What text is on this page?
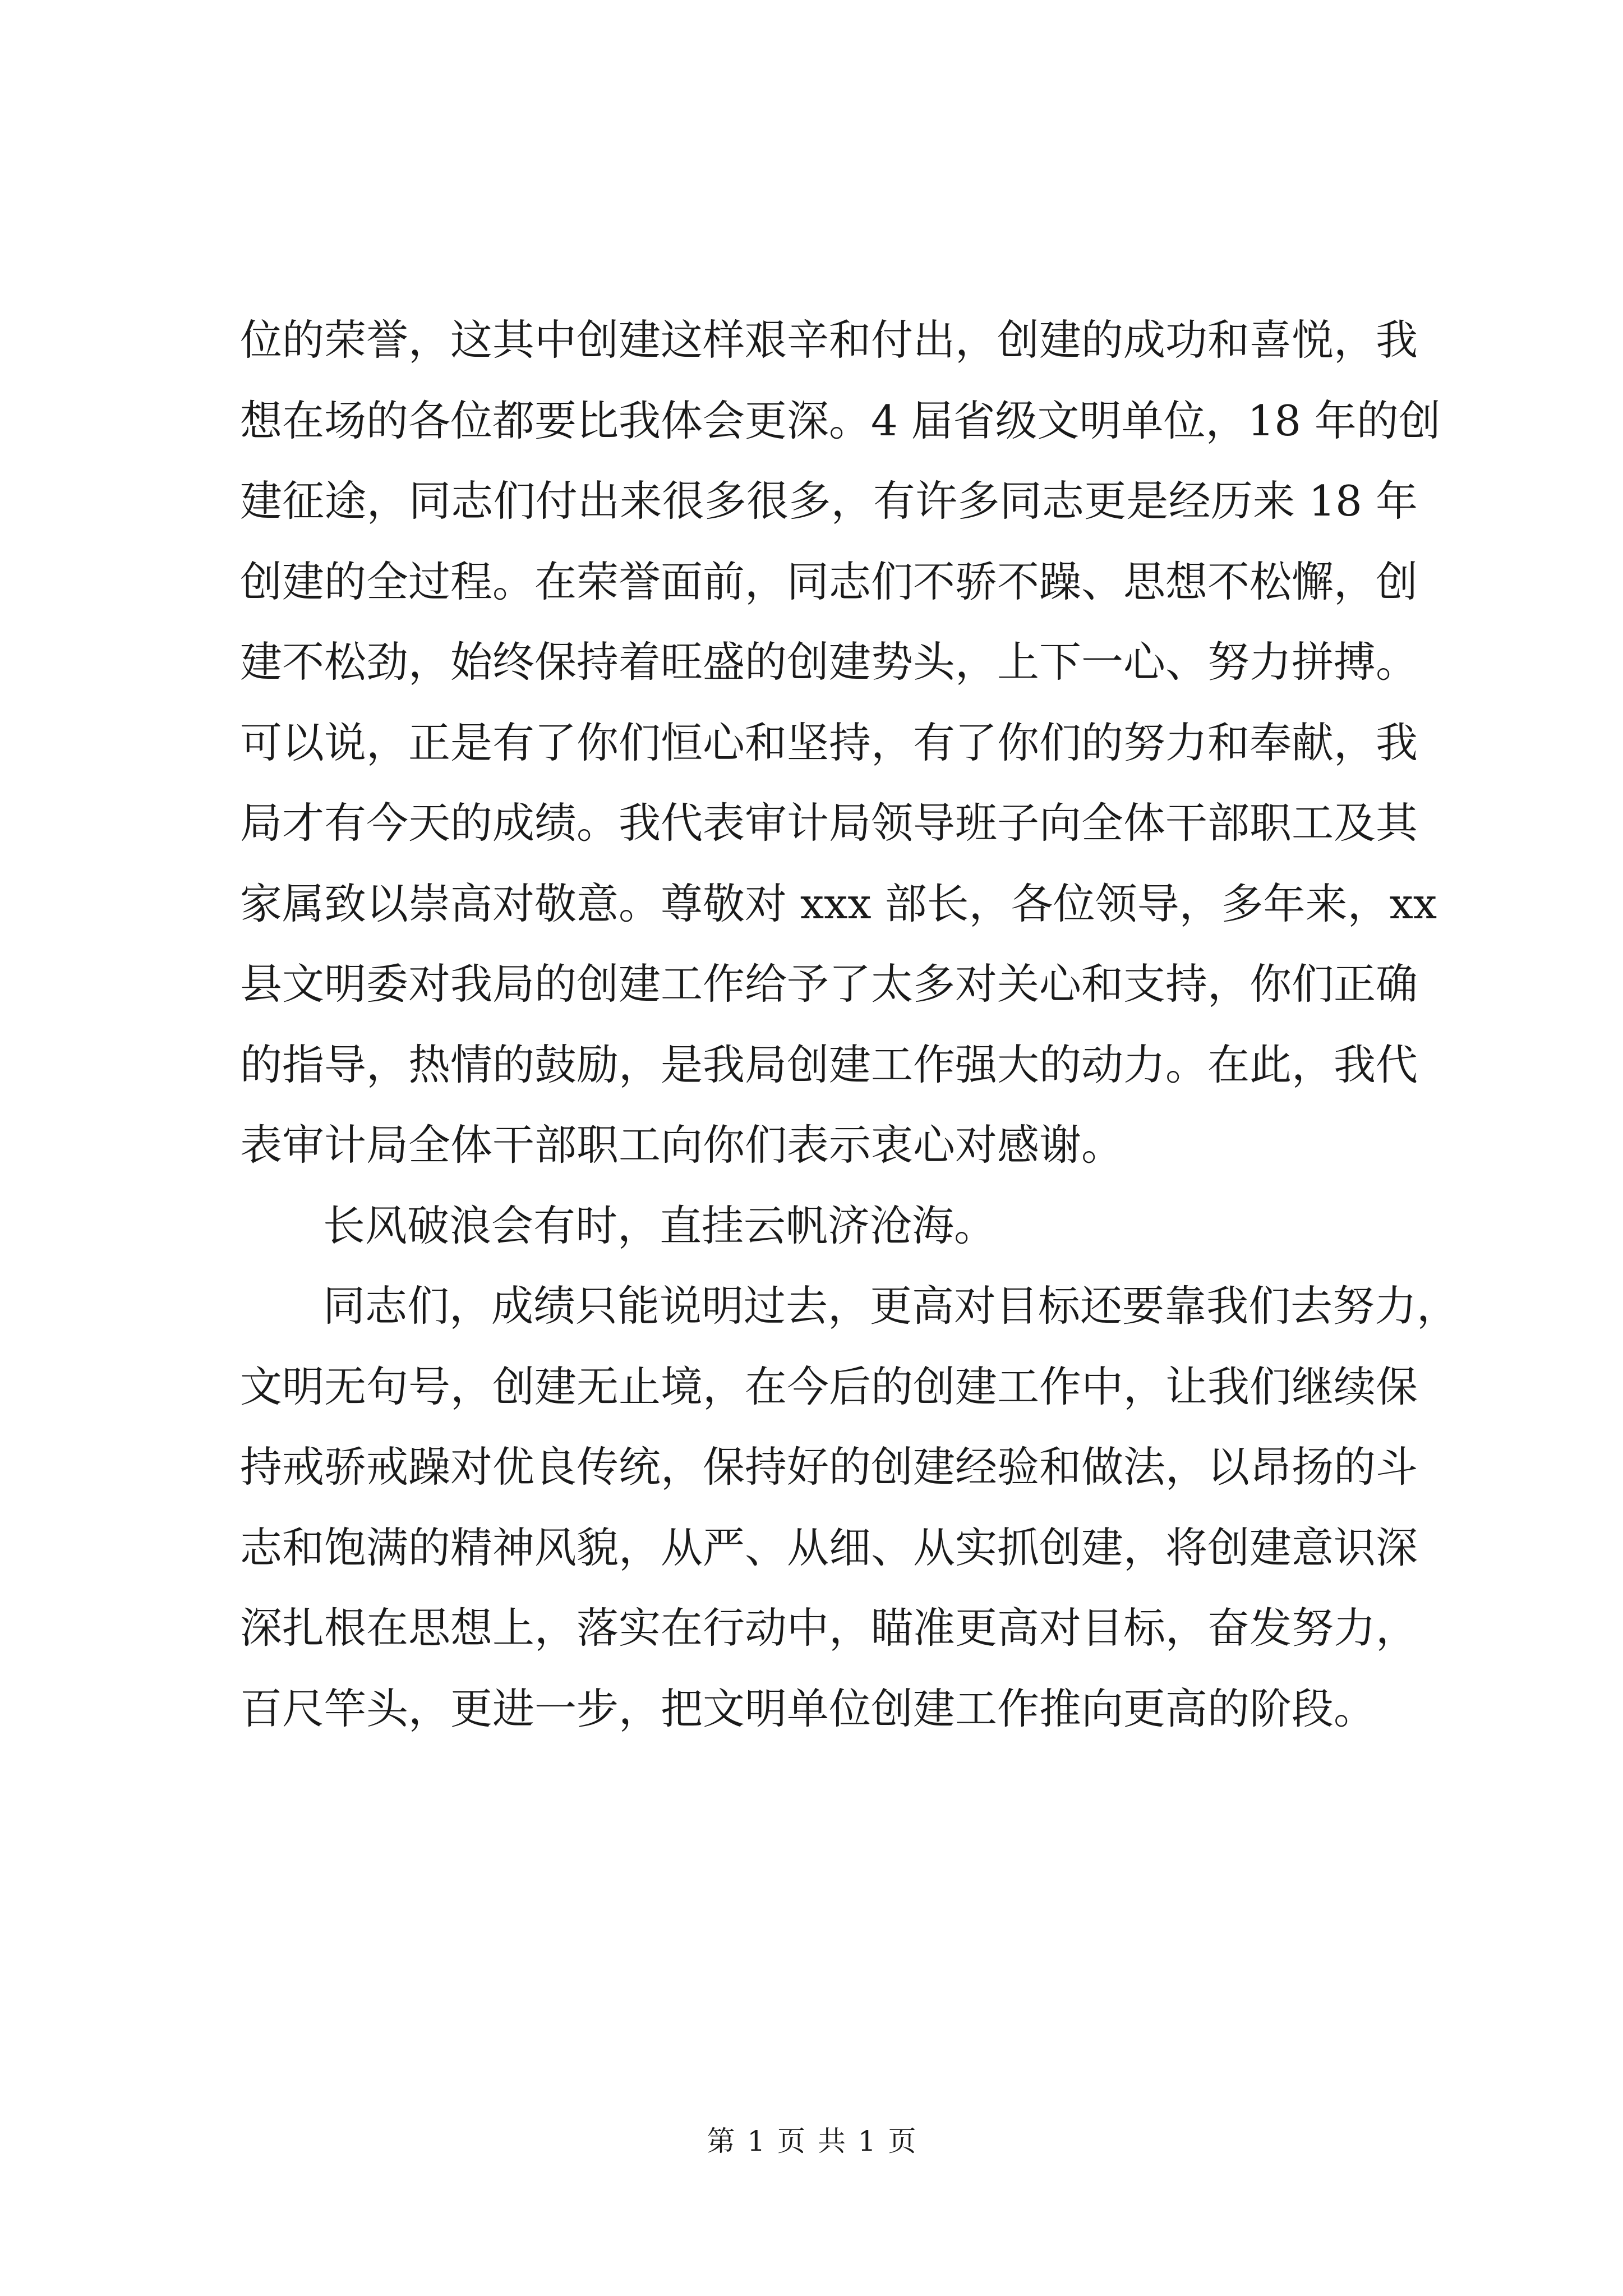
位的荣誉，这其中创建这样艰辛和付出，创建的成功和喜悦，我
想在场的各位都要比我体会更深。4 届省级文明单位，18 年的创
建征途，同志们付出来很多很多，有许多同志更是经历来 18 年
创建的全过程。在荣誉面前，同志们不骄不躁、思想不松懈，创
建不松劲，始终保持着旺盛的创建势头，上下一心、努力拼搏。
可以说，正是有了你们恒心和坚持，有了你们的努力和奉献，我
局才有今天的成绩。我代表审计局领导班子向全体干部职工及其
家属致以崇高对敬意。尊敬对 xxx 部长，各位领导，多年来，xx
县文明委对我局的创建工作给予了太多对关心和支持，你们正确
的指导，热情的鼓励，是我局创建工作强大的动力。在此，我代
表审计局全体干部职工向你们表示衷心对感谢。
长风破浪会有时，直挂云帆济沧海。
同志们，成绩只能说明过去，更高对目标还要靠我们去努力，
文明无句号，创建无止境，在今后的创建工作中，让我们继续保
持戒骄戒躁对优良传统，保持好的创建经验和做法，以昂扬的斗
志和饱满的精神风貌，从严、从细、从实抓创建，将创建意识深
深扎根在思想上，落实在行动中，瞄准更高对目标，奋发努力，
百尺竿头，更进一步，把文明单位创建工作推向更高的阶段。
第 1 页 共 1 页
